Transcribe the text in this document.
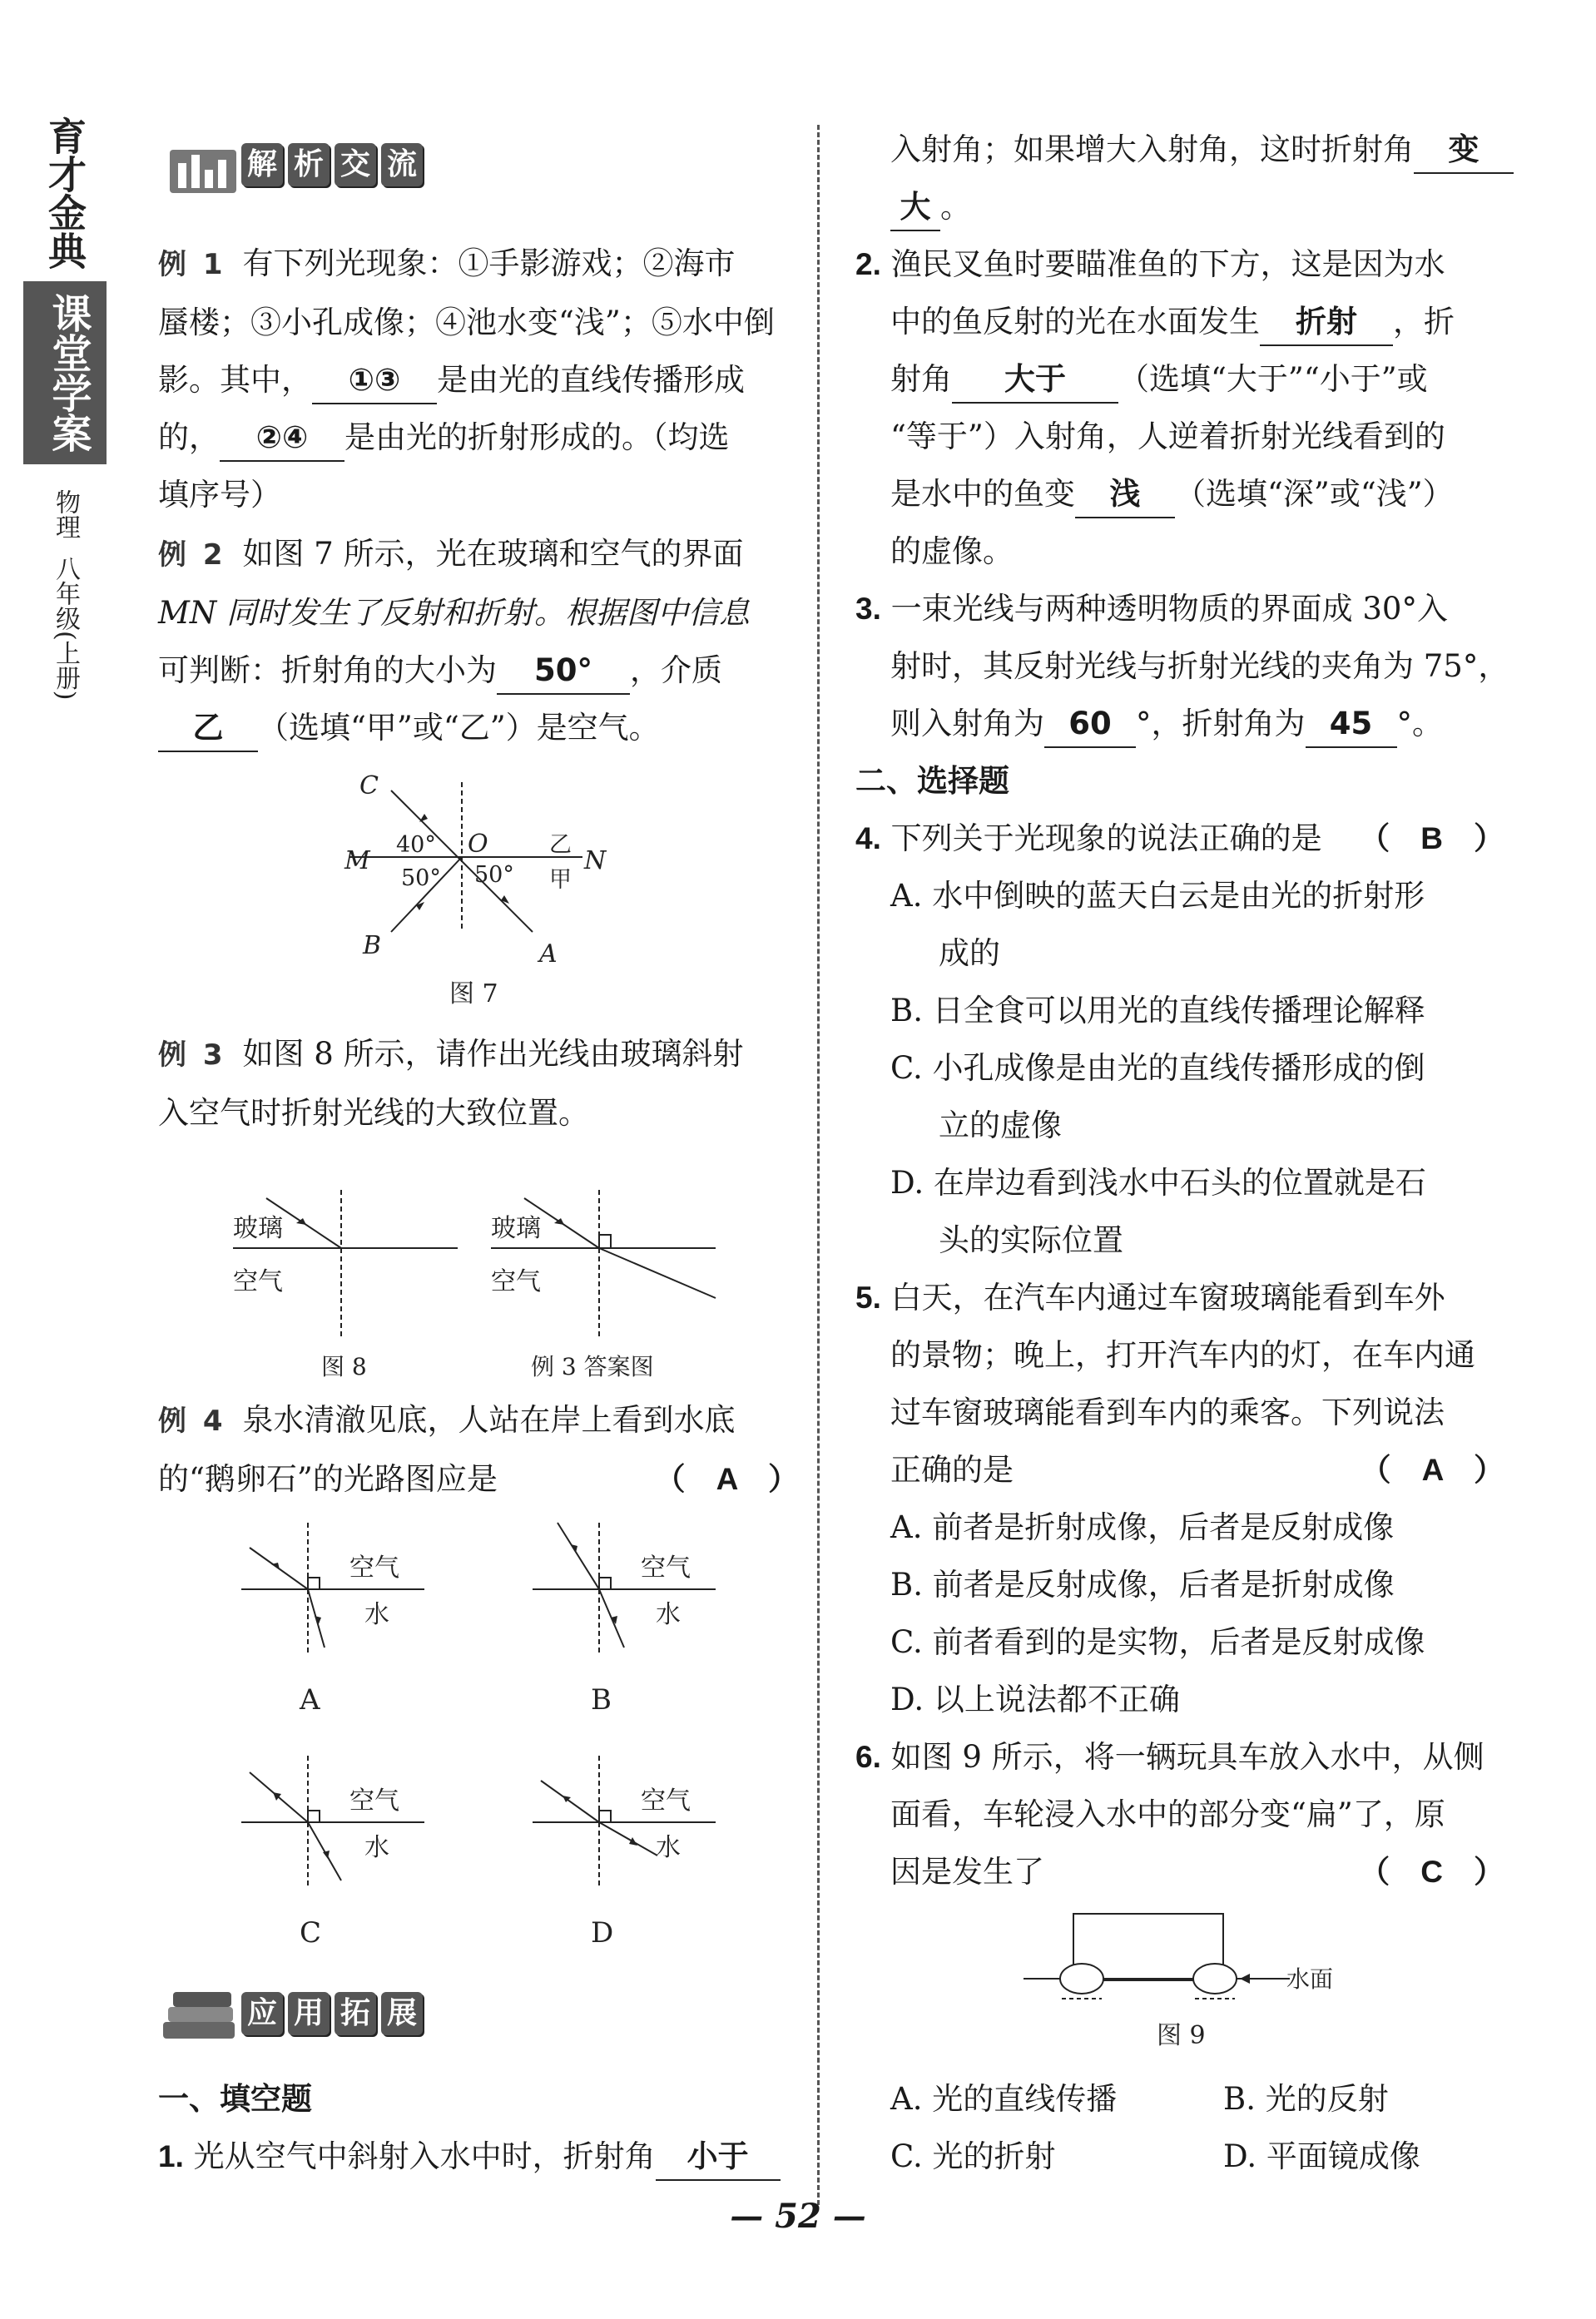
育才金典
课堂学案
物理
八年级(上册)
解 析 交 流
例 1 有下列光现象：①手影游戏；②海市
蜃楼；③小孔成像；④池水变“浅”；⑤水中倒
影。其中， ①③ 是由光的直线传播形成
的， ②④ 是由光的折射形成的。（均选
填序号）
例 2 如图 7 所示，光在玻璃和空气的界面
MN 同时发生了反射和折射。根据图中信息
可判断：折射角的大小为 50° ，介质
乙 （选填“甲”或“乙”）是空气。
C
M
O
N
B	A
40°
50° 50°
乙
甲
图 7
例 3 如图 8 所示，请作出光线由玻璃斜射
入空气时折射光线的大致位置。
玻璃
空气
图 8
玻璃
空气
例 3 答案图
例 4 泉水清澈见底，人站在岸上看到水底
的“鹅卵石”的光路图应是	（　A　）
空气
水
A
空气
水
B
空气
水
C
空气
水
D
应 用 拓 展
一、填空题
1. 光从空气中斜射入水中时，折射角 小于
入射角；如果增大入射角，这时折射角 变
大 。
2. 渔民叉鱼时要瞄准鱼的下方，这是因为水
中的鱼反射的光在水面发生 折射 ，折
射角 大于 （选填“大于”“小于”或
“等于”）入射角，人逆着折射光线看到的
是水中的鱼变 浅 （选填“深”或“浅”）
的虚像。
3. 一束光线与两种透明物质的界面成 30°入
射时，其反射光线与折射光线的夹角为 75°，
则入射角为 60 °，折射角为 45 °。
二、选择题
4. 下列关于光现象的说法正确的是 （　B　）
A. 水中倒映的蓝天白云是由光的折射形
成的
B. 日全食可以用光的直线传播理论解释
C. 小孔成像是由光的直线传播形成的倒
立的虚像
D. 在岸边看到浅水中石头的位置就是石
头的实际位置
5. 白天，在汽车内通过车窗玻璃能看到车外
的景物；晚上，打开汽车内的灯，在车内通
过车窗玻璃能看到车内的乘客。下列说法
正确的是	（　A　）
A. 前者是折射成像，后者是反射成像
B. 前者是反射成像，后者是折射成像
C. 前者看到的是实物，后者是反射成像
D. 以上说法都不正确
6. 如图 9 所示，将一辆玩具车放入水中，从侧
面看，车轮浸入水中的部分变“扁”了，原
因是发生了	（　C　）
水面
图 9
A. 光的直线传播	B. 光的反射
C. 光的折射	D. 平面镜成像
— 52 —
